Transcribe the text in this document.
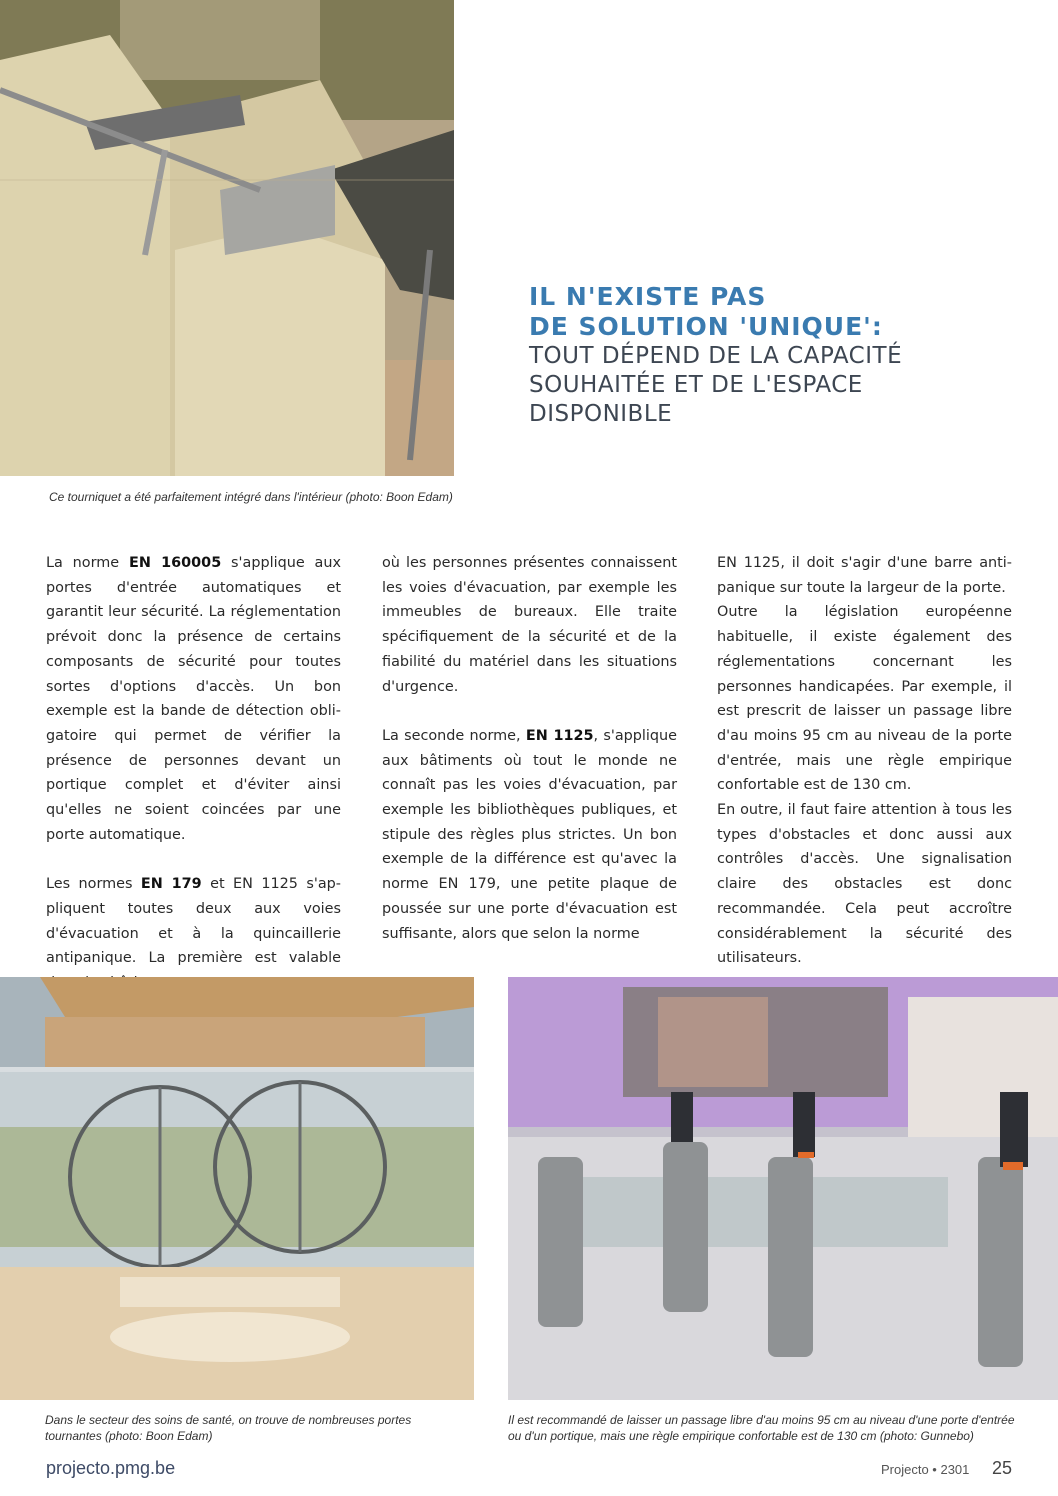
Ce tourniquet a été parfaitement intégré dans l'intérieur (photo: Boon Edam)
IL N'EXISTE PAS
DE SOLUTION 'UNIQUE':
TOUT DÉPEND DE LA CAPACITÉ
SOUHAITÉE ET DE L'ESPACE
DISPONIBLE

La norme EN 160005 s'applique aux portes d'entrée automatiques et garantit leur sécurité. La réglementation prévoit donc la présence de certains composants de sécurité pour toutes sortes d'options d'accès. Un bon exemple est la bande de détection obligatoire qui permet de vérifier la présence de personnes devant un portique complet et d'éviter ainsi qu'elles ne soient coincées par une porte automatique.

Les normes EN 179 et EN 1125 s'appliquent toutes deux aux voies d'évacuation et à la quincaillerie antipanique. La première est valable

où les personnes présentes connaissent les voies d'évacuation, par exemple les immeubles de bureaux. Elle traite spécifiquement de la sécurité et de la fiabilité du matériel dans les situations d'urgence.

La seconde norme, EN 1125, s'applique aux bâtiments où tout le monde ne connaît pas les voies d'évacuation, par exemple les bibliothèques publiques, et stipule des règles plus strictes. Un bon exemple de la différence est qu'avec la norme EN 179, une petite plaque de poussée sur une porte d'évacuation est suffisante, alors que selon la norme

EN 1125, il doit s'agir d'une barre antipanique sur toute la largeur de la porte.

Outre la législation européenne habituelle, il existe également des réglementations concernant les personnes handicapées. Par exemple, il est prescrit de laisser un passage libre d'au moins 95 cm au niveau de la porte d'entrée, mais une règle empirique confortable est de 130 cm.

En outre, il faut faire attention à tous les types d'obstacles et donc aussi aux contrôles d'accès. Une signalisation claire des obstacles est donc recommandée. Cela peut accroître considérablement la sécurité des utilisateurs.

Dans le secteur des soins de santé, on trouve de nombreuses portes tournantes (photo: Boon Edam)
Il est recommandé de laisser un passage libre d'au moins 95 cm au niveau d'une porte d'entrée ou d'un portique, mais une règle empirique confortable est de 130 cm (photo: Gunnebo)
projecto.pmg.be	Projecto • 2301 25
